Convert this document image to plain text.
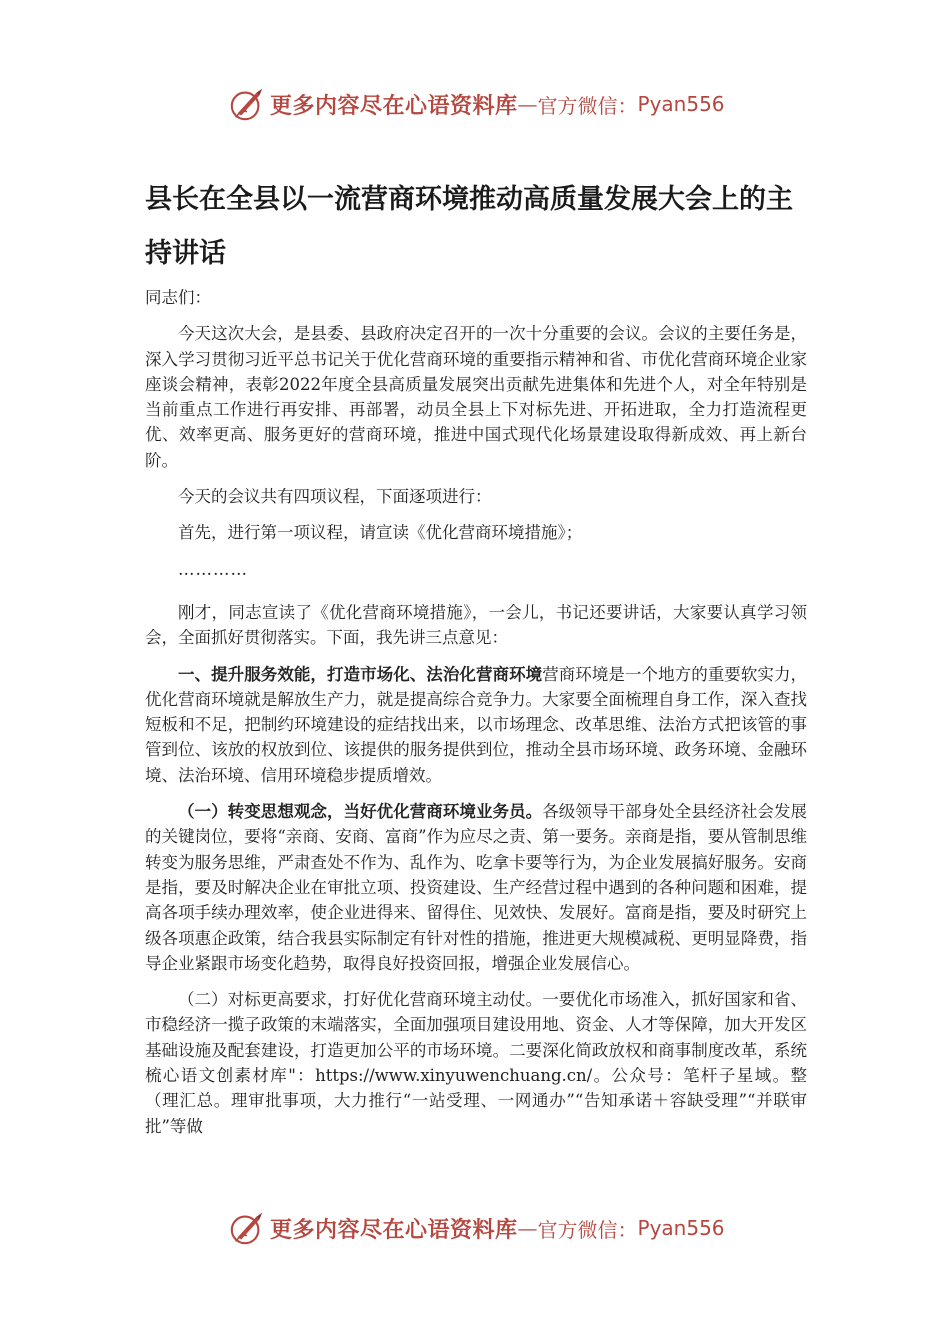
更多内容尽在心语资料库 — 官方微信： Pyan556
县长在全县以一流营商环境推动高质量发展大会上的主持讲话

同志们：

今天这次大会，是县委、县政府决定召开的一次十分重要的会议。会议的主要任务是，深入学习贯彻习近平总书记关于优化营商环境的重要指示精神和省、市优化营商环境企业家座谈会精神，表彰2022年度全县高质量发展突出贡献先进集体和先进个人，对全年特别是当前重点工作进行再安排、再部署，动员全县上下对标先进、开拓进取，全力打造流程更优、效率更高、服务更好的营商环境，推进中国式现代化场景建设取得新成效、再上新台阶。

今天的会议共有四项议程，下面逐项进行：

首先，进行第一项议程，请宣读《优化营商环境措施》；

…………

刚才，同志宣读了《优化营商环境措施》，一会儿，书记还要讲话，大家要认真学习领会，全面抓好贯彻落实。下面，我先讲三点意见：

一、提升服务效能，打造市场化、法治化营商环境营商环境是一个地方的重要软实力，优化营商环境就是解放生产力，就是提高综合竞争力。大家要全面梳理自身工作，深入查找短板和不足，把制约环境建设的症结找出来，以市场理念、改革思维、法治方式把该管的事管到位、该放的权放到位、该提供的服务提供到位，推动全县市场环境、政务环境、金融环境、法治环境、信用环境稳步提质增效。

（一）转变思想观念，当好优化营商环境业务员。各级领导干部身处全县经济社会发展的关键岗位，要将“亲商、安商、富商”作为应尽之责、第一要务。亲商是指，要从管制思维转变为服务思维，严肃查处不作为、乱作为、吃拿卡要等行为，为企业发展搞好服务。安商是指，要及时解决企业在审批立项、投资建设、生产经营过程中遇到的各种问题和困难，提高各项手续办理效率，使企业进得来、留得住、见效快、发展好。富商是指，要及时研究上级各项惠企政策，结合我县实际制定有针对性的措施，推进更大规模减税、更明显降费，指导企业紧跟市场变化趋势，取得良好投资回报，增强企业发展信心。

（二）对标更高要求，打好优化营商环境主动仗。一要优化市场准入，抓好国家和省、市稳经济一揽子政策的末端落实，全面加强项目建设用地、资金、人才等保障，加大开发区基础设施及配套建设，打造更加公平的市场环境。二要深化简政放权和商事制度改革，系统梳心语文创素材库"：https://www.xinyuwenchuang.cn/。公众号：笔杆子星域。整（理汇总。理审批事项，大力推行“一站受理、一网通办”“告知承诺＋容缺受理”“并联审批”等做

更多内容尽在心语资料库 — 官方微信： Pyan556
